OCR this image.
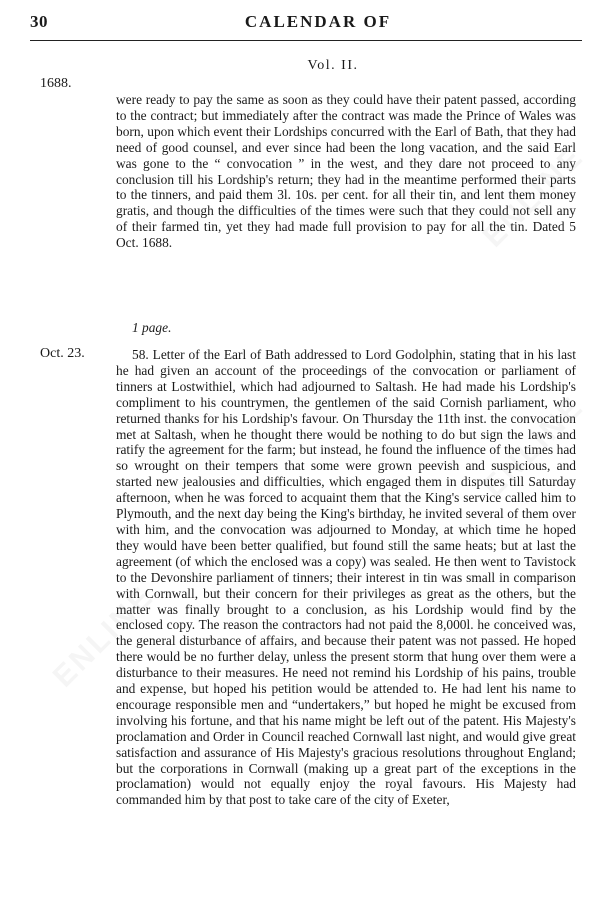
30	CALENDAR OF
Vol. II.
1688.
were ready to pay the same as soon as they could have their patent passed, according to the contract; but immediately after the contract was made the Prince of Wales was born, upon which event their Lordships concurred with the Earl of Bath, that they had need of good counsel, and ever since had been the long vacation, and the said Earl was gone to the “ convocation ” in the west, and they dare not proceed to any conclusion till his Lordship's return; they had in the meantime performed their parts to the tinners, and paid them 3l. 10s. per cent. for all their tin, and lent them money gratis, and though the difficulties of the times were such that they could not sell any of their farmed tin, yet they had made full provision to pay for all the tin. Dated 5 Oct. 1688.
1 page.
Oct. 23.	58. Letter of the Earl of Bath addressed to Lord Godolphin, stating that in his last he had given an account of the proceedings of the convocation or parliament of tinners at Lostwithiel, which had adjourned to Saltash. He had made his Lordship's compliment to his countrymen, the gentlemen of the said Cornish parliament, who returned thanks for his Lordship's favour. On Thursday the 11th inst. the convocation met at Saltash, when he thought there would be nothing to do but sign the laws and ratify the agreement for the farm; but instead, he found the influence of the times had so wrought on their tempers that some were grown peevish and suspicious, and started new jealousies and difficulties, which engaged them in disputes till Saturday afternoon, when he was forced to acquaint them that the King's service called him to Plymouth, and the next day being the King's birthday, he invited several of them over with him, and the convocation was adjourned to Monday, at which time he hoped they would have been better qualified, but found still the same heats; but at last the agreement (of which the enclosed was a copy) was sealed. He then went to Tavistock to the Devonshire parliament of tinners; their interest in tin was small in comparison with Cornwall, but their concern for their privileges as great as the others, but the matter was finally brought to a conclusion, as his Lordship would find by the enclosed copy. The reason the contractors had not paid the 8,000l. he conceived was, the general disturbance of affairs, and because their patent was not passed. He hoped there would be no further delay, unless the present storm that hung over them were a disturbance to their measures. He need not remind his Lordship of his pains, trouble and expense, but hoped his petition would be attended to. He had lent his name to encourage responsible men and “undertakers,” but hoped he might be excused from involving his fortune, and that his name might be left out of the patent. His Majesty's proclamation and Order in Council reached Cornwall last night, and would give great satisfaction and assurance of His Majesty's gracious resolutions throughout England; but the corporations in Cornwall (making up a great part of the exceptions in the proclamation) would not equally enjoy the royal favours. His Majesty had commanded him by that post to take care of the city of Exeter,
ENLINE
ENLINE
ENLINE
